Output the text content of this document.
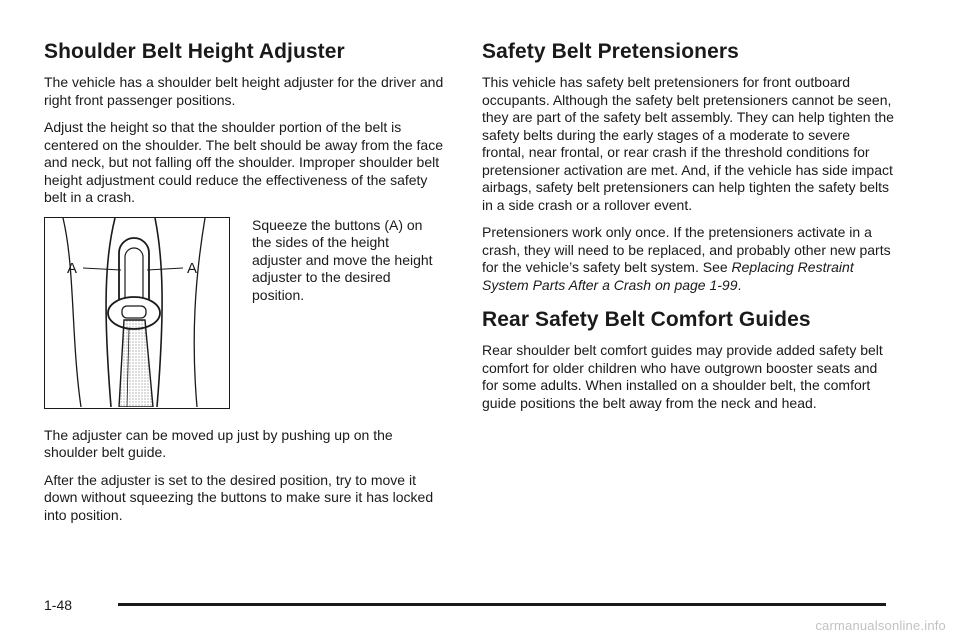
Shoulder Belt Height Adjuster

The vehicle has a shoulder belt height adjuster for the driver and right front passenger positions.

Adjust the height so that the shoulder portion of the belt is centered on the shoulder. The belt should be away from the face and neck, but not falling off the shoulder. Improper shoulder belt height adjustment could reduce the effectiveness of the safety belt in a crash.

A	A

Squeeze the buttons (A) on the sides of the height adjuster and move the height adjuster to the desired position.

The adjuster can be moved up just by pushing up on the shoulder belt guide.

After the adjuster is set to the desired position, try to move it down without squeezing the buttons to make sure it has locked into position.

Safety Belt Pretensioners

This vehicle has safety belt pretensioners for front outboard occupants. Although the safety belt pretensioners cannot be seen, they are part of the safety belt assembly. They can help tighten the safety belts during the early stages of a moderate to severe frontal, near frontal, or rear crash if the threshold conditions for pretensioner activation are met. And, if the vehicle has side impact airbags, safety belt pretensioners can help tighten the safety belts in a side crash or a rollover event.

Pretensioners work only once. If the pretensioners activate in a crash, they will need to be replaced, and probably other new parts for the vehicle’s safety belt system. See Replacing Restraint System Parts After a Crash on page 1-99.

Rear Safety Belt Comfort Guides

Rear shoulder belt comfort guides may provide added safety belt comfort for older children who have outgrown booster seats and for some adults. When installed on a shoulder belt, the comfort guide positions the belt away from the neck and head.

1-48
carmanualsonline.info
